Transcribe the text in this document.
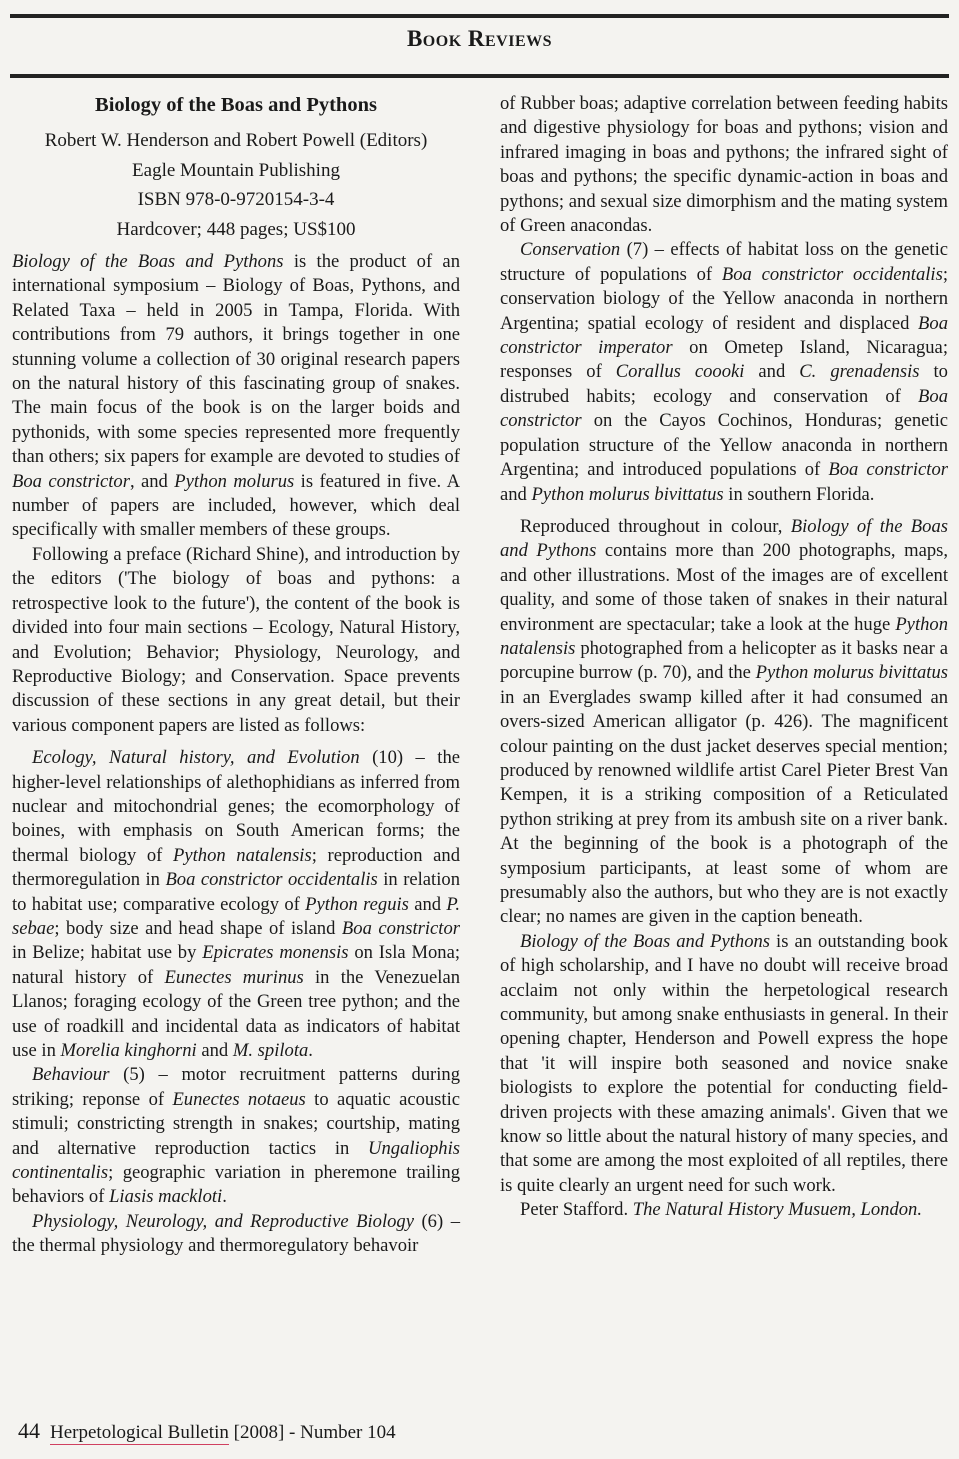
Book Reviews
Biology of the Boas and Pythons
Robert W. Henderson and Robert Powell (Editors)
Eagle Mountain Publishing
ISBN 978-0-9720154-3-4
Hardcover; 448 pages; US$100

Biology of the Boas and Pythons is the product of an international symposium – Biology of Boas, Pythons, and Related Taxa – held in 2005 in Tampa, Florida. With contributions from 79 authors, it brings together in one stunning volume a collection of 30 original research papers on the natural history of this fascinating group of snakes. The main focus of the book is on the larger boids and pythonids, with some species represented more frequently than others; six papers for example are devoted to studies of Boa constrictor, and Python molurus is featured in five. A number of papers are included, however, which deal specifically with smaller members of these groups.

Following a preface (Richard Shine), and introduction by the editors ('The biology of boas and pythons: a retrospective look to the future'), the content of the book is divided into four main sections – Ecology, Natural History, and Evolution; Behavior; Physiology, Neurology, and Reproductive Biology; and Conservation. Space prevents discussion of these sections in any great detail, but their various component papers are listed as follows:

Ecology, Natural history, and Evolution (10) – the higher-level relationships of alethophidians as inferred from nuclear and mitochondrial genes; the ecomorphology of boines, with emphasis on South American forms; the thermal biology of Python natalensis; reproduction and thermoregulation in Boa constrictor occidentalis in relation to habitat use; comparative ecology of Python reguis and P. sebae; body size and head shape of island Boa constrictor in Belize; habitat use by Epicrates monensis on Isla Mona; natural history of Eunectes murinus in the Venezuelan Llanos; foraging ecology of the Green tree python; and the use of roadkill and incidental data as indicators of habitat use in Morelia kinghorni and M. spilota.

Behaviour (5) – motor recruitment patterns during striking; reponse of Eunectes notaeus to aquatic acoustic stimuli; constricting strength in snakes; courtship, mating and alternative reproduction tactics in Ungaliophis continentalis; geographic variation in pheremone trailing behaviors of Liasis mackloti.

Physiology, Neurology, and Reproductive Biology (6) – the thermal physiology and thermoregulatory behavoir

of Rubber boas; adaptive correlation between feeding habits and digestive physiology for boas and pythons; vision and infrared imaging in boas and pythons; the infrared sight of boas and pythons; the specific dynamic-action in boas and pythons; and sexual size dimorphism and the mating system of Green anacondas.

Conservation (7) – effects of habitat loss on the genetic structure of populations of Boa constrictor occidentalis; conservation biology of the Yellow anaconda in northern Argentina; spatial ecology of resident and displaced Boa constrictor imperator on Ometep Island, Nicaragua; responses of Corallus coooki and C. grenadensis to distrubed habits; ecology and conservation of Boa constrictor on the Cayos Cochinos, Honduras; genetic population structure of the Yellow anaconda in northern Argentina; and introduced populations of Boa constrictor and Python molurus bivittatus in southern Florida.

Reproduced throughout in colour, Biology of the Boas and Pythons contains more than 200 photographs, maps, and other illustrations. Most of the images are of excellent quality, and some of those taken of snakes in their natural environment are spectacular; take a look at the huge Python natalensis photographed from a helicopter as it basks near a porcupine burrow (p. 70), and the Python molurus bivittatus in an Everglades swamp killed after it had consumed an overs-sized American alligator (p. 426). The magnificent colour painting on the dust jacket deserves special mention; produced by renowned wildlife artist Carel Pieter Brest Van Kempen, it is a striking composition of a Reticulated python striking at prey from its ambush site on a river bank. At the beginning of the book is a photograph of the symposium participants, at least some of whom are presumably also the authors, but who they are is not exactly clear; no names are given in the caption beneath.

Biology of the Boas and Pythons is an outstanding book of high scholarship, and I have no doubt will receive broad acclaim not only within the herpetological research community, but among snake enthusiasts in general. In their opening chapter, Henderson and Powell express the hope that 'it will inspire both seasoned and novice snake biologists to explore the potential for conducting field-driven projects with these amazing animals'. Given that we know so little about the natural history of many species, and that some are among the most exploited of all reptiles, there is quite clearly an urgent need for such work.

Peter Stafford. The Natural History Musuem, London.

44 Herpetological Bulletin [2008] - Number 104
